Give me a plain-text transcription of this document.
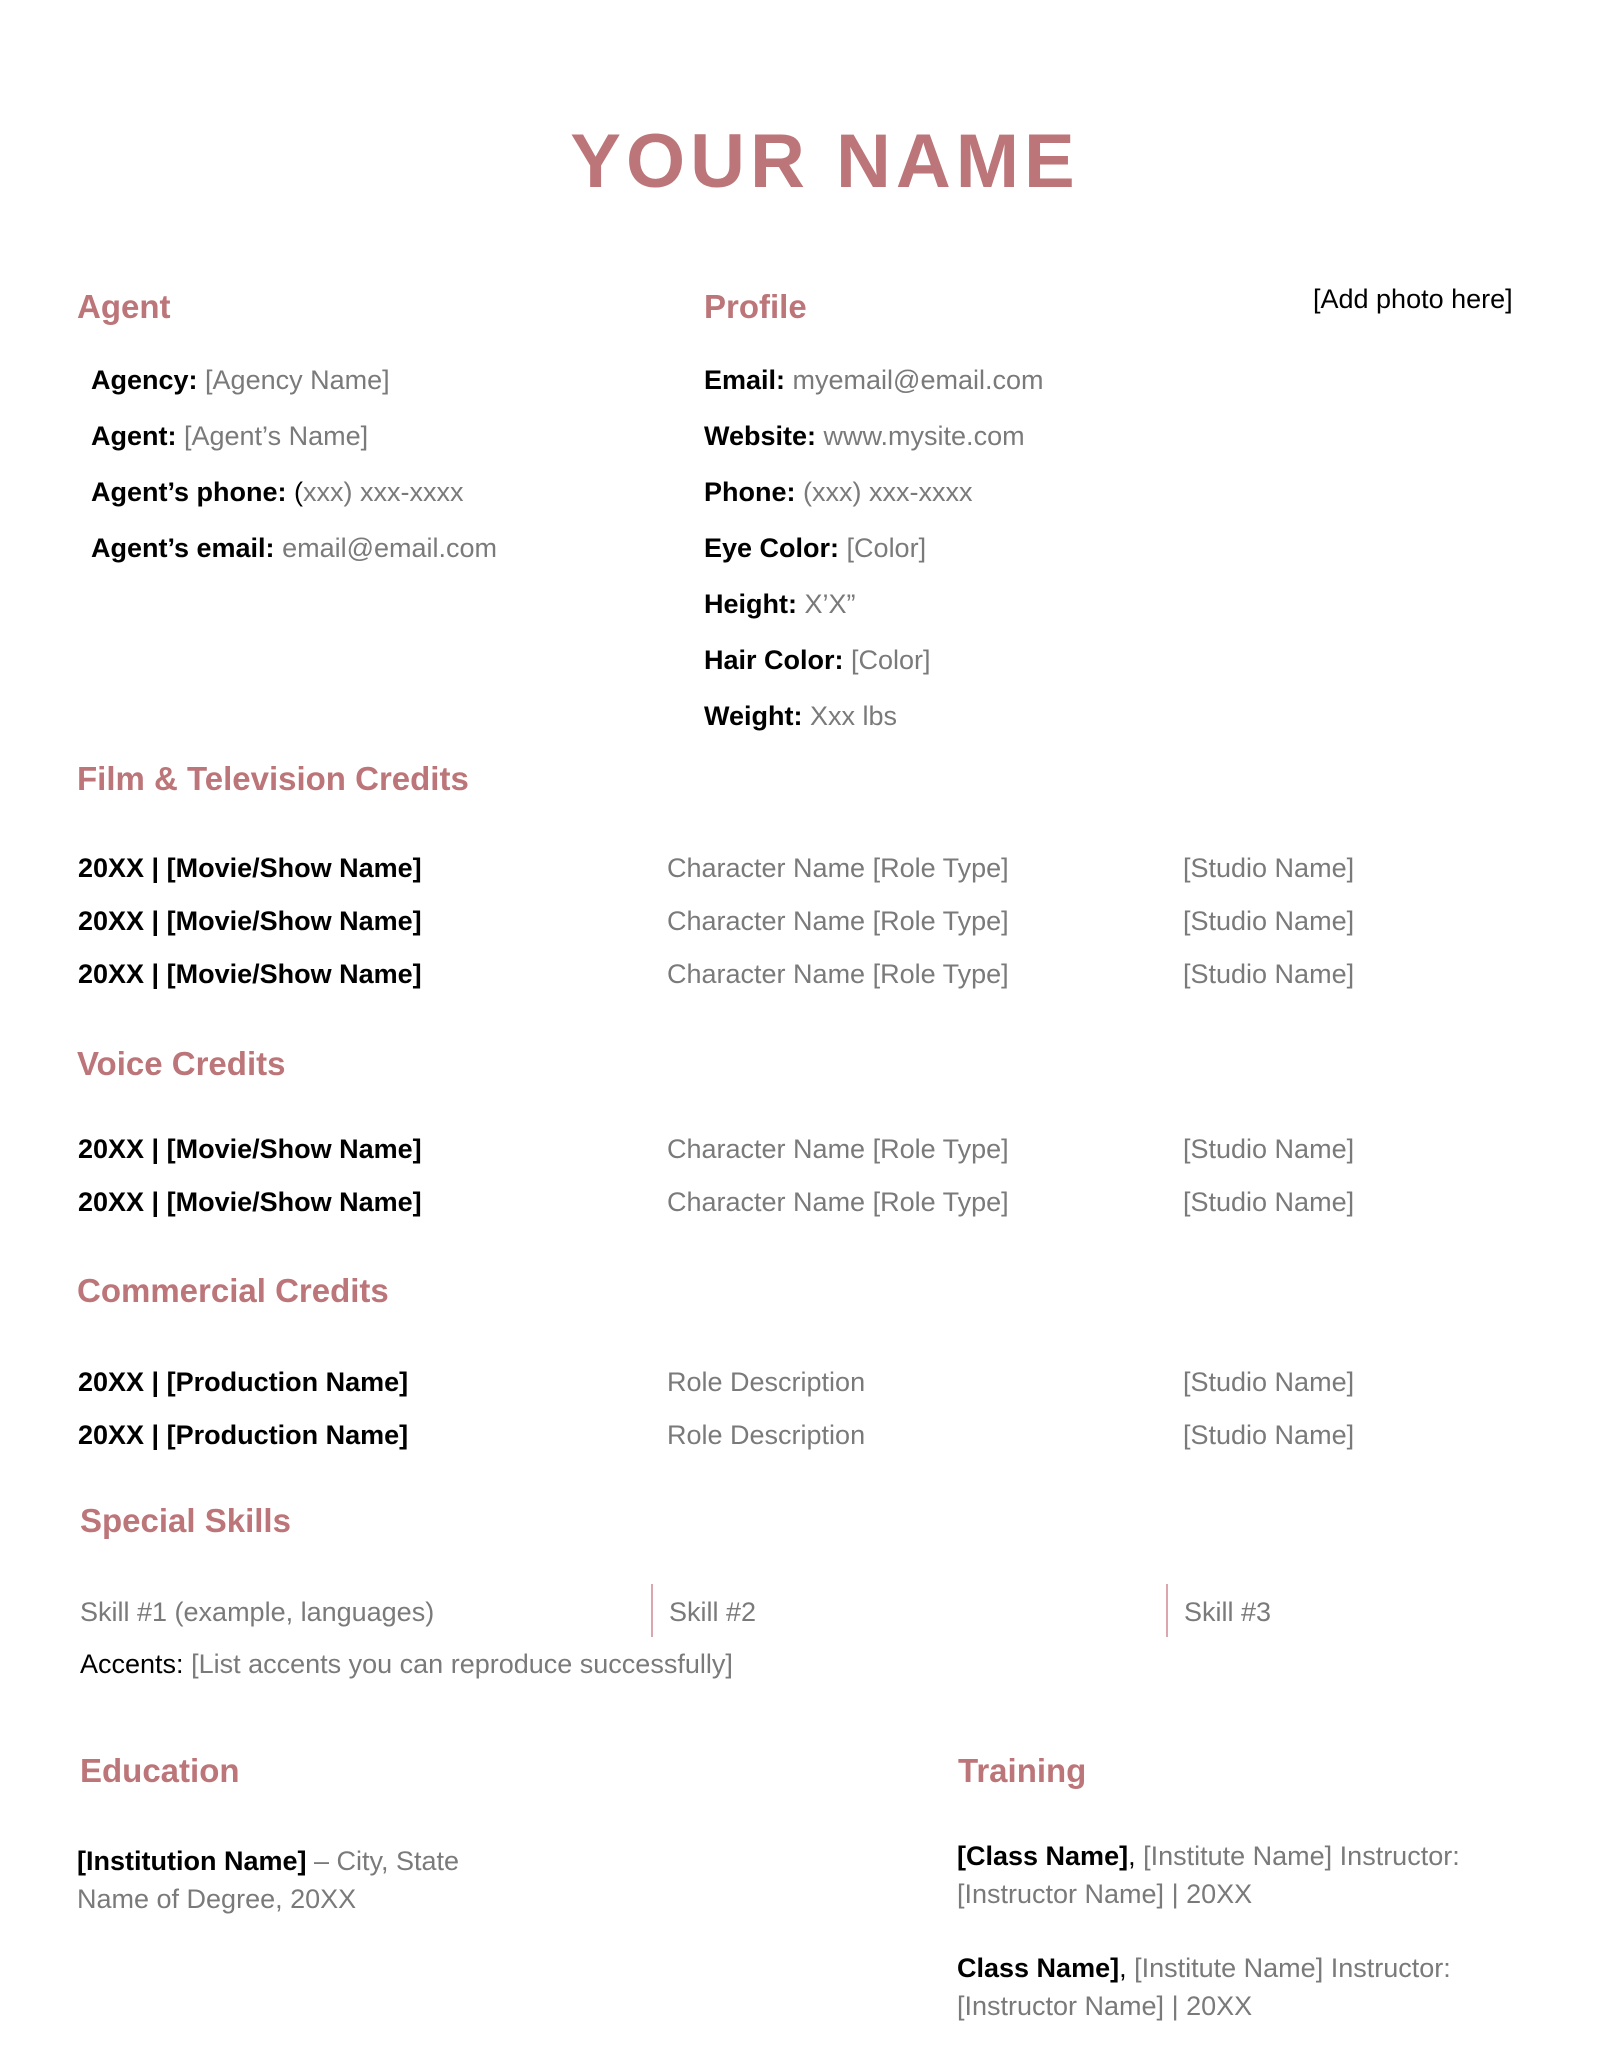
YOUR NAME
Agent
Agency: [Agency Name]
Agent: [Agent’s Name]
Agent’s phone: (xxx) xxx-xxxx
Agent’s email: email@email.com
Profile	[Add photo here]
Email: myemail@email.com
Website: www.mysite.com
Phone: (xxx) xxx-xxxx
Eye Color: [Color]
Height: X’X”
Hair Color: [Color]
Weight: Xxx lbs
Film & Television Credits
20XX | [Movie/Show Name]	Character Name [Role Type]	[Studio Name]
20XX | [Movie/Show Name]	Character Name [Role Type]	[Studio Name]
20XX | [Movie/Show Name]	Character Name [Role Type]	[Studio Name]
Voice Credits
20XX | [Movie/Show Name]	Character Name [Role Type]	[Studio Name]
20XX | [Movie/Show Name]	Character Name [Role Type]	[Studio Name]
Commercial Credits
20XX | [Production Name]	Role Description	[Studio Name]
20XX | [Production Name]	Role Description	[Studio Name]
Special Skills
Skill #1 (example, languages)	Skill #2	Skill #3
Accents: [List accents you can reproduce successfully]
Education
[Institution Name] – City, State
Name of Degree, 20XX
Training
[Class Name], [Institute Name] Instructor:
[Instructor Name] | 20XX
Class Name], [Institute Name] Instructor:
[Instructor Name] | 20XX
